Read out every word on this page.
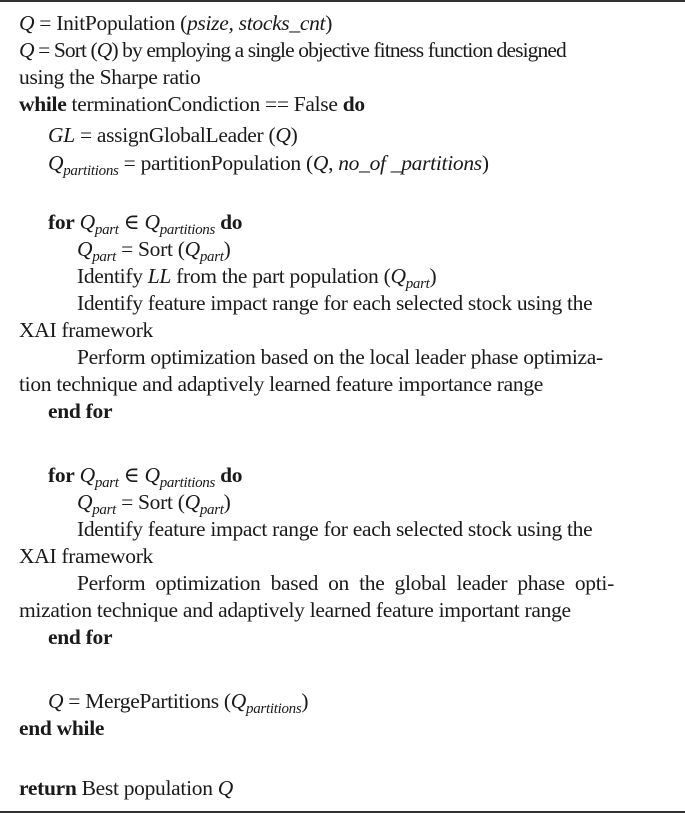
Q = InitPopulation (psize, stocks_cnt)
Q = Sort (Q) by employing a single objective fitness function designed
using the Sharpe ratio
while terminationCondiction == False do
GL = assignGlobalLeader (Q)
$Q_{partitions}$ = partitionPopulation (Q, no_of _partitions)
for $Q_{part}$ ∈ $Q_{partitions}$ do
$Q_{part}$ = Sort $(Q_{part})$
Identify LL from the part population $(Q_{part})$
Identify feature impact range for each selected stock using the
XAI framework
Perform optimization based on the local leader phase optimiza-
tion technique and adaptively learned feature importance range
end for
for $Q_{part}$ ∈ $Q_{partitions}$ do
$Q_{part}$ = Sort $(Q_{part})$
Identify feature impact range for each selected stock using the
XAI framework
Perform optimization based on the global leader phase opti-
mization technique and adaptively learned feature important range
end for
Q = MergePartitions $(Q_{partitions})$
end while
return Best population Q
